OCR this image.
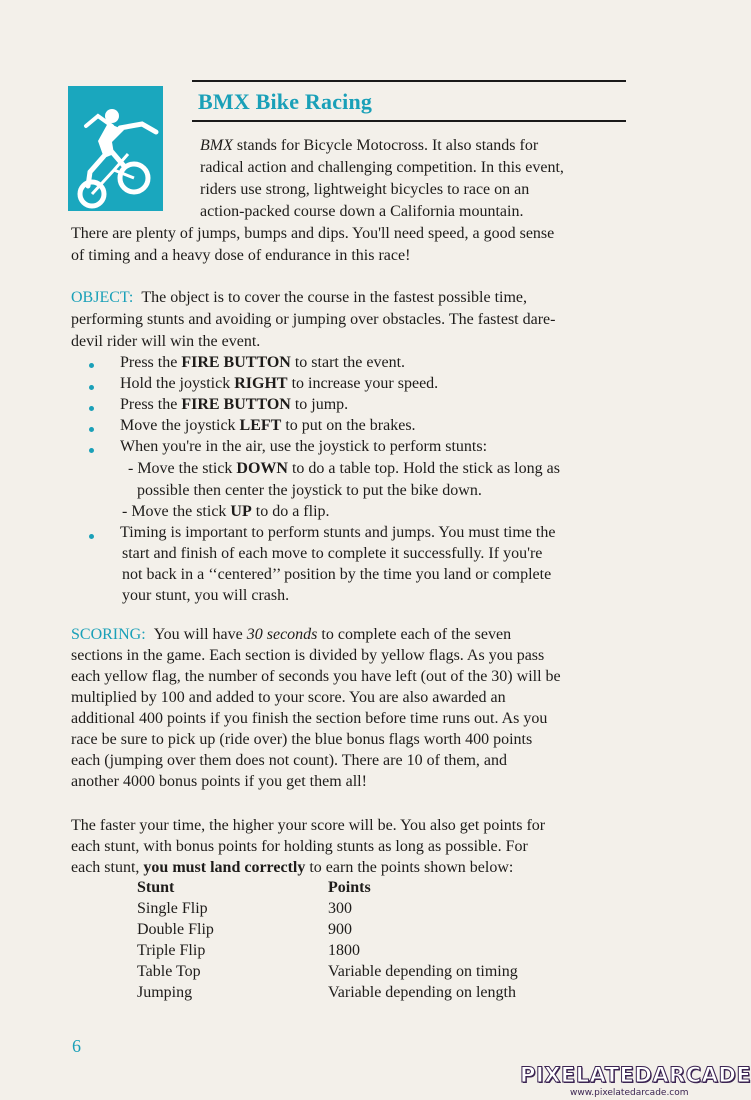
BMX Bike Racing
BMX stands for Bicycle Motocross. It also stands for
radical action and challenging competition. In this event,
riders use strong, lightweight bicycles to race on an
action-packed course down a California mountain.
There are plenty of jumps, bumps and dips. You'll need speed, a good sense
of timing and a heavy dose of endurance in this race!
OBJECT: The object is to cover the course in the fastest possible time,
performing stunts and avoiding or jumping over obstacles. The fastest dare-
devil rider will win the event.
Press the FIRE BUTTON to start the event.
Hold the joystick RIGHT to increase your speed.
Press the FIRE BUTTON to jump.
Move the joystick LEFT to put on the brakes.
When you're in the air, use the joystick to perform stunts:
- Move the stick DOWN to do a table top. Hold the stick as long as
possible then center the joystick to put the bike down.
- Move the stick UP to do a flip.
Timing is important to perform stunts and jumps. You must time the
start and finish of each move to complete it successfully. If you're
not back in a ‘‘centered’’ position by the time you land or complete
your stunt, you will crash.
SCORING: You will have 30 seconds to complete each of the seven
sections in the game. Each section is divided by yellow flags. As you pass
each yellow flag, the number of seconds you have left (out of the 30) will be
multiplied by 100 and added to your score. You are also awarded an
additional 400 points if you finish the section before time runs out. As you
race be sure to pick up (ride over) the blue bonus flags worth 400 points
each (jumping over them does not count). There are 10 of them, and
another 4000 bonus points if you get them all!
The faster your time, the higher your score will be. You also get points for
each stunt, with bonus points for holding stunts as long as possible. For
each stunt, you must land correctly to earn the points shown below:
Stunt	Points
Single Flip	300
Double Flip	900
Triple Flip	1800
Table Top	Variable depending on timing
Jumping	Variable depending on length
6
PIXELATEDARCADE
www.pixelatedarcade.com
